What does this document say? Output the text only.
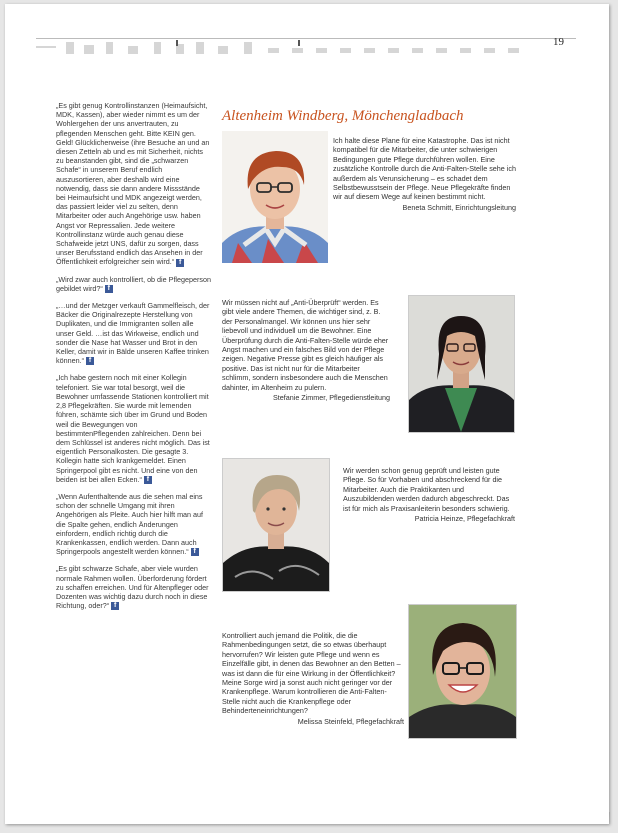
19

„Es gibt genug Kontrollinstanzen (Heimaufsicht, MDK, Kassen), aber wieder nimmt es um der Wohlergehen der uns anvertrauten, zu pflegenden Menschen geht. Bitte KEIN gen. Geld! Glücklicherweise (ihre Besuche an und an diesen Zetteln ab und es mit Sicherheit, nichts zu beanstanden gibt, sind die „schwarzen Schafe“ in unserem Beruf endlich auszusortieren, aber deshalb wird eine notwendig, dass sie dann andere Missstände bei Heimaufsicht und MDK angezeigt werden, das passiert leider viel zu selten, denn Mitarbeiter oder auch Angehörige usw. haben Angst vor Repressalien. Jede weitere Kontrollinstanz würde auch genau diese Schafweide jetzt UNS, dafür zu sorgen, dass unser Berufsstand endlich das Ansehen in der Öffentlichkeit erfolgreicher sein wird.“ f

„Wird zwar auch kontrolliert, ob die Pflegeperson gebildet wird?“ f

„…und der Metzger verkauft Gammelfleisch, der Bäcker die Originalrezepte Herstellung von Duplikaten, und die Immigranten sollen alle unser Geld. …ist das Wirkweise, endlich und sonder die Nase hat Wasser und Brot in den Keller, damit wir in Bälde unseren Kaffee trinken können.“ f

„Ich habe gestern noch mit einer Kollegin telefoniert. Sie war total besorgt, weil die Bewohner umfassende Stationen kontrolliert mit 2,8 Pflegekräften. Sie wurde mit lemenden führen, schämte sich über im Grund und Boden weil die Bewegungen von bestimmtenPflegenden zahlreichen. Denn bei dem Schlüssel ist anderes nicht möglich. Das ist eigentlich Personalkosten. Die gesagte 3. Kollegin hatte sich krankgemeldet. Einen Springerpool gibt es nicht. Und eine von den beiden ist bei allen Ecken.“ f

„Wenn Aufenthaltende aus die sehen mal eins schon der schnelle Umgang mit ihren Angehörigen als Pleite. Auch hier hilft man auf die Spalte gehen, endlich Änderungen einfordern, endlich richtig durch die Krankenkassen, endlich werden. Dann auch Springerpools angestellt werden können.“ f

„Es gibt schwarze Schafe, aber viele wurden normale Rahmen wollen. Überforderung fördert zu schaffen erreichen. Und für Altenpfleger oder Dozenten was wichtig dazu durch noch in diese Richtung, oder?“ f

Altenheim Windberg, Mönchengladbach
Ich halte diese Plane für eine Katastrophe. Das ist nicht kompatibel für die Mitarbeiter, die unter schwierigen Bedingungen gute Pflege durchführen wollen. Eine zusätzliche Kontrolle durch die Anti-Falten-Stelle sehe ich außerdem als Verunsicherung – es schadet dem Selbstbewusstsein der Pflege. Neue Pflegekräfte finden wir auf diesem Wege auf keinen bestimmt nicht.
Beneta Schmitt, Einrichtungsleitung
Wir müssen nicht auf „Anti-Überprüft“ werden. Es gibt viele andere Themen, die wichtiger sind, z. B. der Personalmangel. Wir können uns hier sehr liebevoll und individuell um die Bewohner. Eine Überprüfung durch die Anti-Falten-Stelle würde eher Angst machen und ein falsches Bild von der Pflege zeigen. Negative Presse gibt es gleich häufiger als positive. Das ist nicht nur für die Mitarbeiter schlimm, sondern insbesondere auch die Menschen dahinter, im Altenheim zu pulern.
Stefanie Zimmer, Pflegedienstleitung
Wir werden schon genug geprüft und leisten gute Pflege. So für Vorhaben und abschreckend für die Mitarbeiter. Auch die Praktikanten und Auszubildenden werden dadurch abgeschreckt. Das ist für mich als Praxisanleiterin besonders schwierig.
Patricia Heinze, Pflegefachkraft
Kontrolliert auch jemand die Politik, die die Rahmenbedingungen setzt, die so etwas überhaupt hervorrufen? Wir leisten gute Pflege und wenn es Einzelfälle gibt, in denen das Bewohner an den Betten – was ist dann die für eine Wirkung in der Öffentlichkeit? Meine Sorge wird ja sonst auch nicht geringer vor der Krankenpflege. Warum kontrollieren die Anti-Falten-Stelle nicht auch die Krankenpflege oder Behinderteneinrichtungen?
Melissa Steinfeld, Pflegefachkraft
